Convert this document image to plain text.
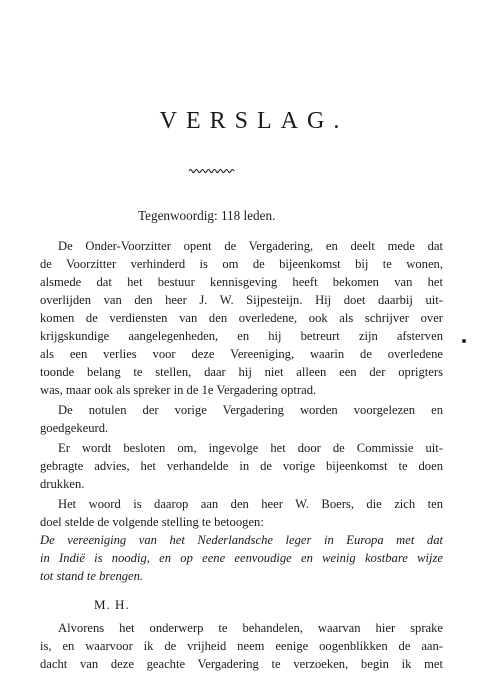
VERSLAG.
Tegenwoordig: 118 leden.
De Onder-Voorzitter opent de Vergadering, en deelt mede dat
de Voorzitter verhinderd is om de bijeenkomst bij te wonen,
alsmede dat het bestuur kennisgeving heeft bekomen van het
overlijden van den heer J. W. Sijpesteijn. Hij doet daarbij uit-
komen de verdiensten van den overledene, ook als schrijver over
krijgskundige aangelegenheden, en hij betreurt zijn afsterven
als een verlies voor deze Vereeniging, waarin de overledene
toonde belang te stellen, daar hij niet alleen een der oprigters
was, maar ook als spreker in de 1e Vergadering optrad.
De notulen der vorige Vergadering worden voorgelezen en
goedgekeurd.
Er wordt besloten om, ingevolge het door de Commissie uit-
gebragte advies, het verhandelde in de vorige bijeenkomst te doen
drukken.
Het woord is daarop aan den heer W. Boers, die zich ten
doel stelde de volgende stelling te betoogen:
De vereeniging van het Nederlandsche leger in Europa met dat
in Indië is noodig, en op eene eenvoudige en weinig kostbare wijze
tot stand te brengen.
M. H.
Alvorens het onderwerp te behandelen, waarvan hier sprake
is, en waarvoor ik de vrijheid neem eenige oogenblikken de aan-
dacht van deze geachte Vergadering te verzoeken, begin ik met
